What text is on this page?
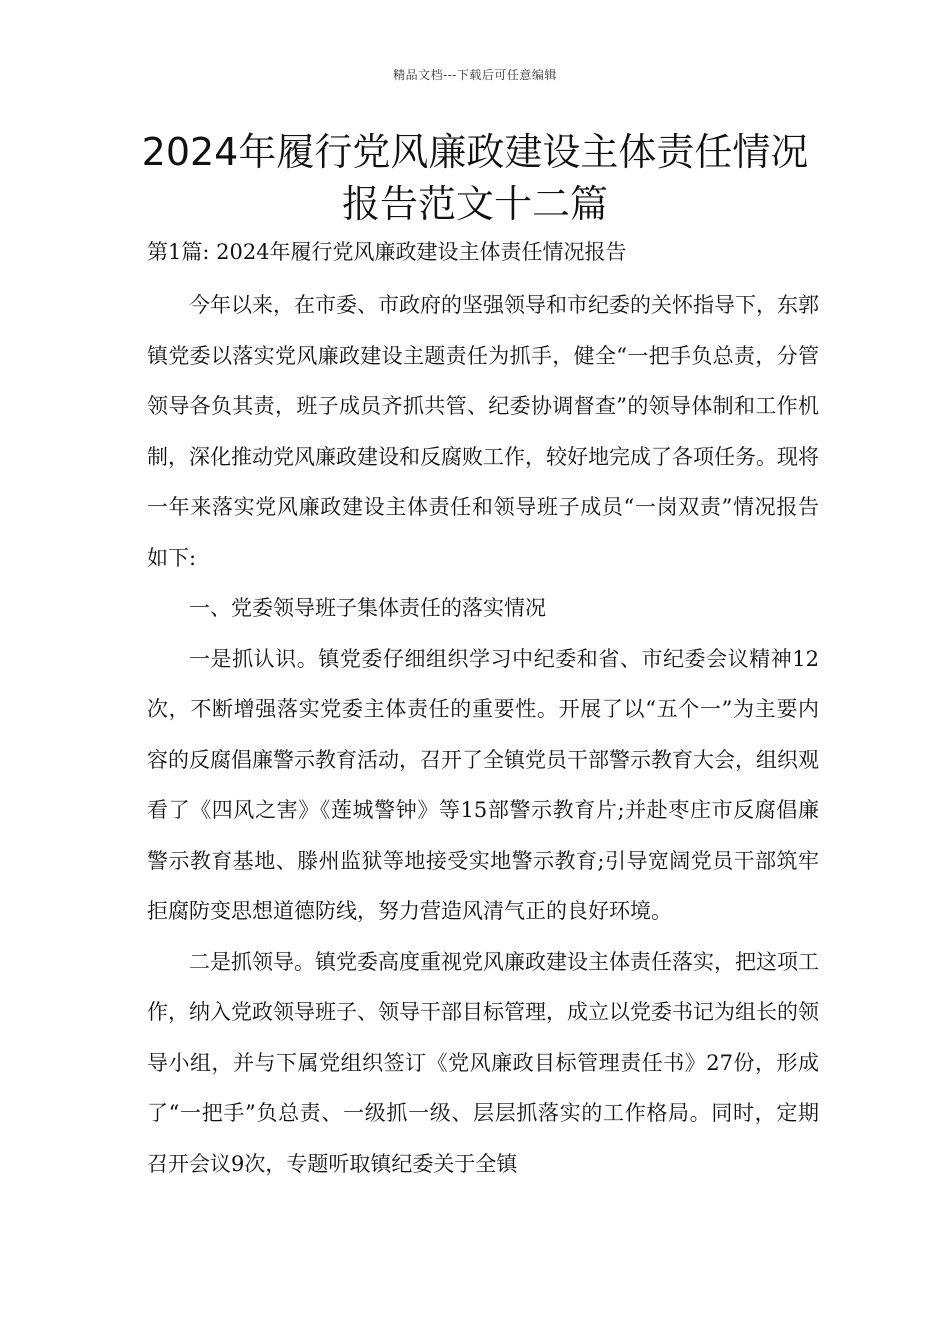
精品文档---下载后可任意编辑
2024年履行党风廉政建设主体责任情况
报告范文十二篇

第1篇: 2024年履行党风廉政建设主体责任情况报告

今年以来，在市委、市政府的坚强领导和市纪委的关怀指导下，东郭镇党委以落实党风廉政建设主题责任为抓手，健全“一把手负总责，分管领导各负其责，班子成员齐抓共管、纪委协调督查”的领导体制和工作机制，深化推动党风廉政建设和反腐败工作，较好地完成了各项任务。现将一年来落实党风廉政建设主体责任和领导班子成员“一岗双责”情况报告如下:

一、党委领导班子集体责任的落实情况

一是抓认识。镇党委仔细组织学习中纪委和省、市纪委会议精神12次，不断增强落实党委主体责任的重要性。开展了以“五个一”为主要内容的反腐倡廉警示教育活动，召开了全镇党员干部警示教育大会，组织观看了《四风之害》《莲城警钟》等15部警示教育片;并赴枣庄市反腐倡廉警示教育基地、滕州监狱等地接受实地警示教育;引导宽阔党员干部筑牢拒腐防变思想道德防线，努力营造风清气正的良好环境。

二是抓领导。镇党委高度重视党风廉政建设主体责任落实，把这项工作，纳入党政领导班子、领导干部目标管理，成立以党委书记为组长的领导小组，并与下属党组织签订《党风廉政目标管理责任书》27份，形成了“一把手”负总责、一级抓一级、层层抓落实的工作格局。同时，定期召开会议9次，专题听取镇纪委关于全镇
